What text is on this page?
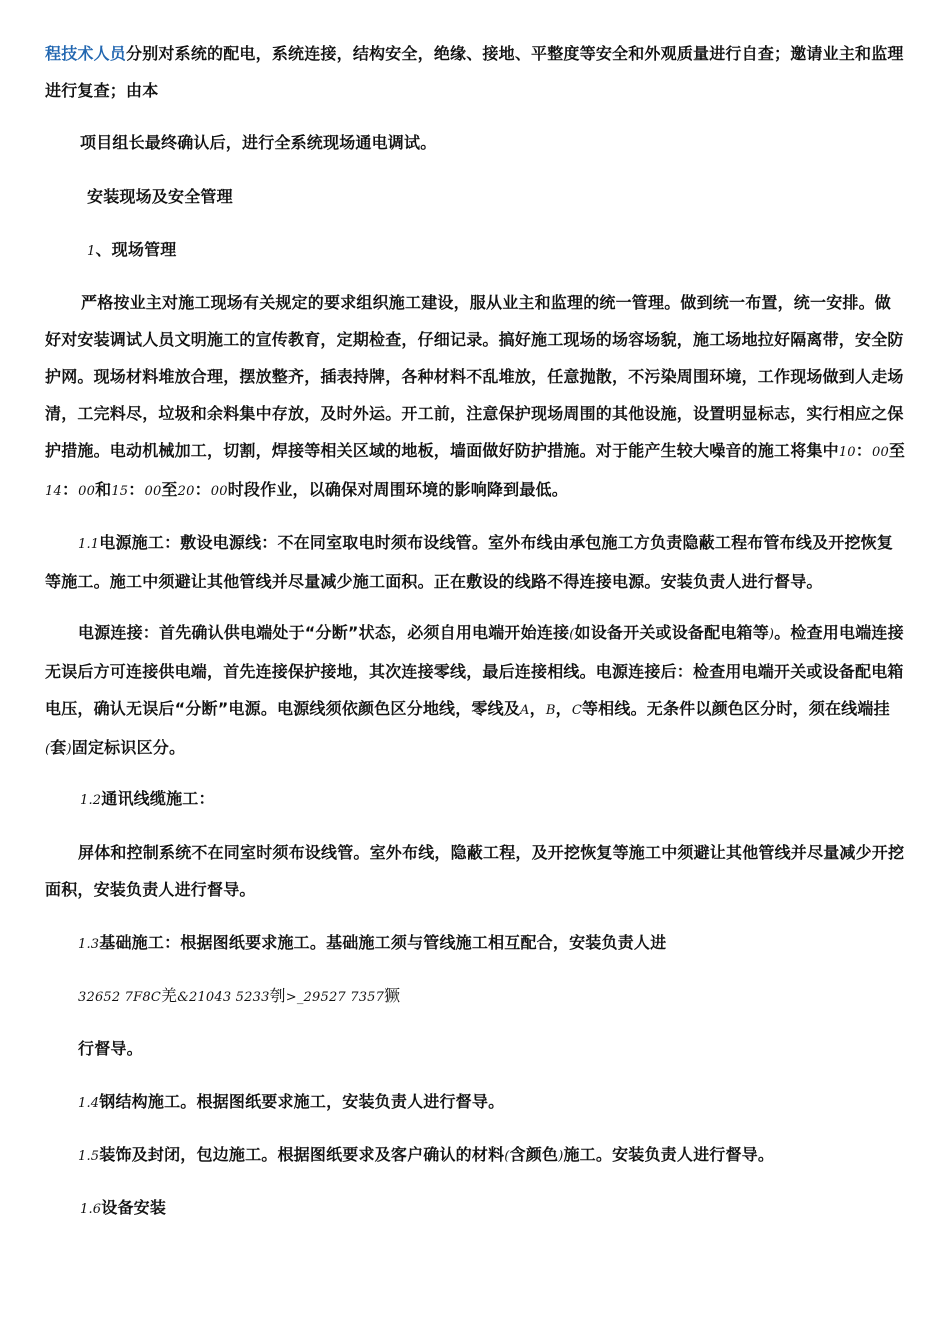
程技术人员分别对系统的配电，系统连接，结构安全，绝缘、接地、平整度等安全和外观质量进行自查；邀请业主和监理进行复查；由本

项目组长最终确认后，进行全系统现场通电调试。

安装现场及安全管理

1、现场管理

严格按业主对施工现场有关规定的要求组织施工建设，服从业主和监理的统一管理。做到统一布置，统一安排。做好对安装调试人员文明施工的宣传教育，定期检查，仔细记录。搞好施工现场的场容场貌，施工场地拉好隔离带，安全防护网。现场材料堆放合理，摆放整齐，插表持牌，各种材料不乱堆放，任意抛散，不污染周围环境，工作现场做到人走场清，工完料尽，垃圾和余料集中存放，及时外运。开工前，注意保护现场周围的其他设施，设置明显标志，实行相应之保护措施。电动机械加工，切割，焊接等相关区域的地板，墙面做好防护措施。对于能产生较大噪音的施工将集中10：00至14：00和15：00至20：00时段作业，以确保对周围环境的影响降到最低。

1.1电源施工：敷设电源线：不在同室取电时须布设线管。室外布线由承包施工方负责隐蔽工程布管布线及开挖恢复等施工。施工中须避让其他管线并尽量减少施工面积。正在敷设的线路不得连接电源。安装负责人进行督导。

电源连接：首先确认供电端处于“分断”状态，必须自用电端开始连接(如设备开关或设备配电箱等)。检查用电端连接无误后方可连接供电端，首先连接保护接地，其次连接零线，最后连接相线。电源连接后：检查用电端开关或设备配电箱电压，确认无误后“分断”电源。电源线须依颜色区分地线，零线及A，B，C等相线。无条件以颜色区分时，须在线端挂(套)固定标识区分。

1.2通讯线缆施工：

屏体和控制系统不在同室时须布设线管。室外布线，隐蔽工程，及开挖恢复等施工中须避让其他管线并尽量减少开挖面积，安装负责人进行督导。

1.3基础施工：根据图纸要求施工。基础施工须与管线施工相互配合，安装负责人进

32652 7F8C羌&21043 5233刳>_29527 7357獗

行督导。

1.4钢结构施工。根据图纸要求施工，安装负责人进行督导。

1.5装饰及封闭，包边施工。根据图纸要求及客户确认的材料(含颜色)施工。安装负责人进行督导。

1.6设备安装
